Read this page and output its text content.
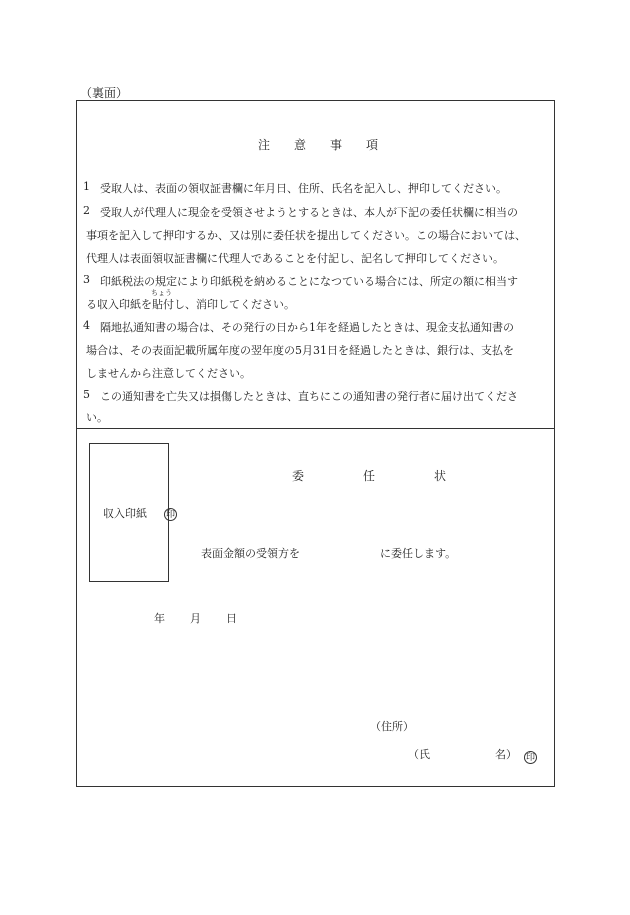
（裏面）
注 意 事 項
1 受取人は、表面の領収証書欄に年月日、住所、氏名を記入し、押印してください。
2 受取人が代理人に現金を受領させようとするときは、本人が下記の委任状欄に相当の
事項を記入して押印するか、又は別に委任状を提出してください。この場合においては、
代理人は表面領収証書欄に代理人であることを付記し、記名して押印してください。
3 印紙税法の規定により印紙税を納めることになつている場合には、所定の額に相当す
る収入印紙を
ちょう
貼付し、消印してください。
4 隔地払通知書の場合は、その発行の日から1年を経過したときは、現金支払通知書の
場合は、その表面記載所属年度の翌年度の5月31日を経過したときは、銀行は、支払を
しませんから注意してください。
5 この通知書を亡失又は損傷したときは、直ちにこの通知書の発行者に届け出てくださ
い。
収入印紙 印
委	任	状
表面金額の受領方を	に委任します。
年 月 日
（住所）
（氏	名） 印
